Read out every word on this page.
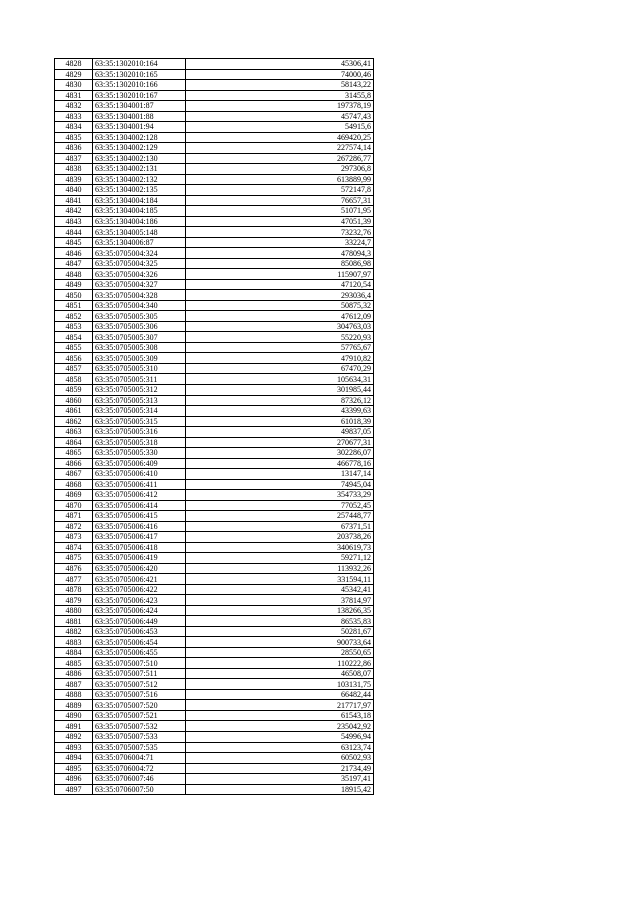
4828	63:35:1302010:164	45306,41
4829	63:35:1302010:165	74000,46
4830	63:35:1302010:166	58143,22
4831	63:35:1302010:167	31455,8
4832	63:35:1304001:87	197378,19
4833	63:35:1304001:88	45747,43
4834	63:35:1304001:94	54915,6
4835	63:35:1304002:128	469420,25
4836	63:35:1304002:129	227574,14
4837	63:35:1304002:130	267286,77
4838	63:35:1304002:131	297306,8
4839	63:35:1304002:132	613889,99
4840	63:35:1304002:135	572147,8
4841	63:35:1304004:184	76657,31
4842	63:35:1304004:185	51071,95
4843	63:35:1304004:186	47051,39
4844	63:35:1304005:148	73232,76
4845	63:35:1304006:87	33224,7
4846	63:35:0705004:324	478094,3
4847	63:35:0705004:325	85086,98
4848	63:35:0705004:326	115907,97
4849	63:35:0705004:327	47120,54
4850	63:35:0705004:328	293036,4
4851	63:35:0705004:340	50875,32
4852	63:35:0705005:305	47612,09
4853	63:35:0705005:306	304763,03
4854	63:35:0705005:307	55220,93
4855	63:35:0705005:308	57765,67
4856	63:35:0705005:309	47910,82
4857	63:35:0705005:310	67470,29
4858	63:35:0705005:311	105634,31
4859	63:35:0705005:312	301985,44
4860	63:35:0705005:313	87326,12
4861	63:35:0705005:314	43399,63
4862	63:35:0705005:315	61018,39
4863	63:35:0705005:316	49837,05
4864	63:35:0705005:318	270677,31
4865	63:35:0705005:330	302286,07
4866	63:35:0705006:409	466778,16
4867	63:35:0705006:410	13147,14
4868	63:35:0705006:411	74945,04
4869	63:35:0705006:412	354733,29
4870	63:35:0705006:414	77052,45
4871	63:35:0705006:415	257448,77
4872	63:35:0705006:416	67371,51
4873	63:35:0705006:417	203738,26
4874	63:35:0705006:418	340619,73
4875	63:35:0705006:419	59271,12
4876	63:35:0705006:420	113932,26
4877	63:35:0705006:421	331594,11
4878	63:35:0705006:422	45342,41
4879	63:35:0705006:423	37814,97
4880	63:35:0705006:424	138266,35
4881	63:35:0705006:449	86535,83
4882	63:35:0705006:453	50281,67
4883	63:35:0705006:454	900733,64
4884	63:35:0705006:455	28550,65
4885	63:35:0705007:510	110222,86
4886	63:35:0705007:511	46508,07
4887	63:35:0705007:512	103131,75
4888	63:35:0705007:516	66482,44
4889	63:35:0705007:520	217717,97
4890	63:35:0705007:521	61543,18
4891	63:35:0705007:532	235042,92
4892	63:35:0705007:533	54996,94
4893	63:35:0705007:535	63123,74
4894	63:35:0706004:71	60502,93
4895	63:35:0706004:72	21734,49
4896	63:35:0706007:46	35197,41
4897	63:35:0706007:50	18915,42
